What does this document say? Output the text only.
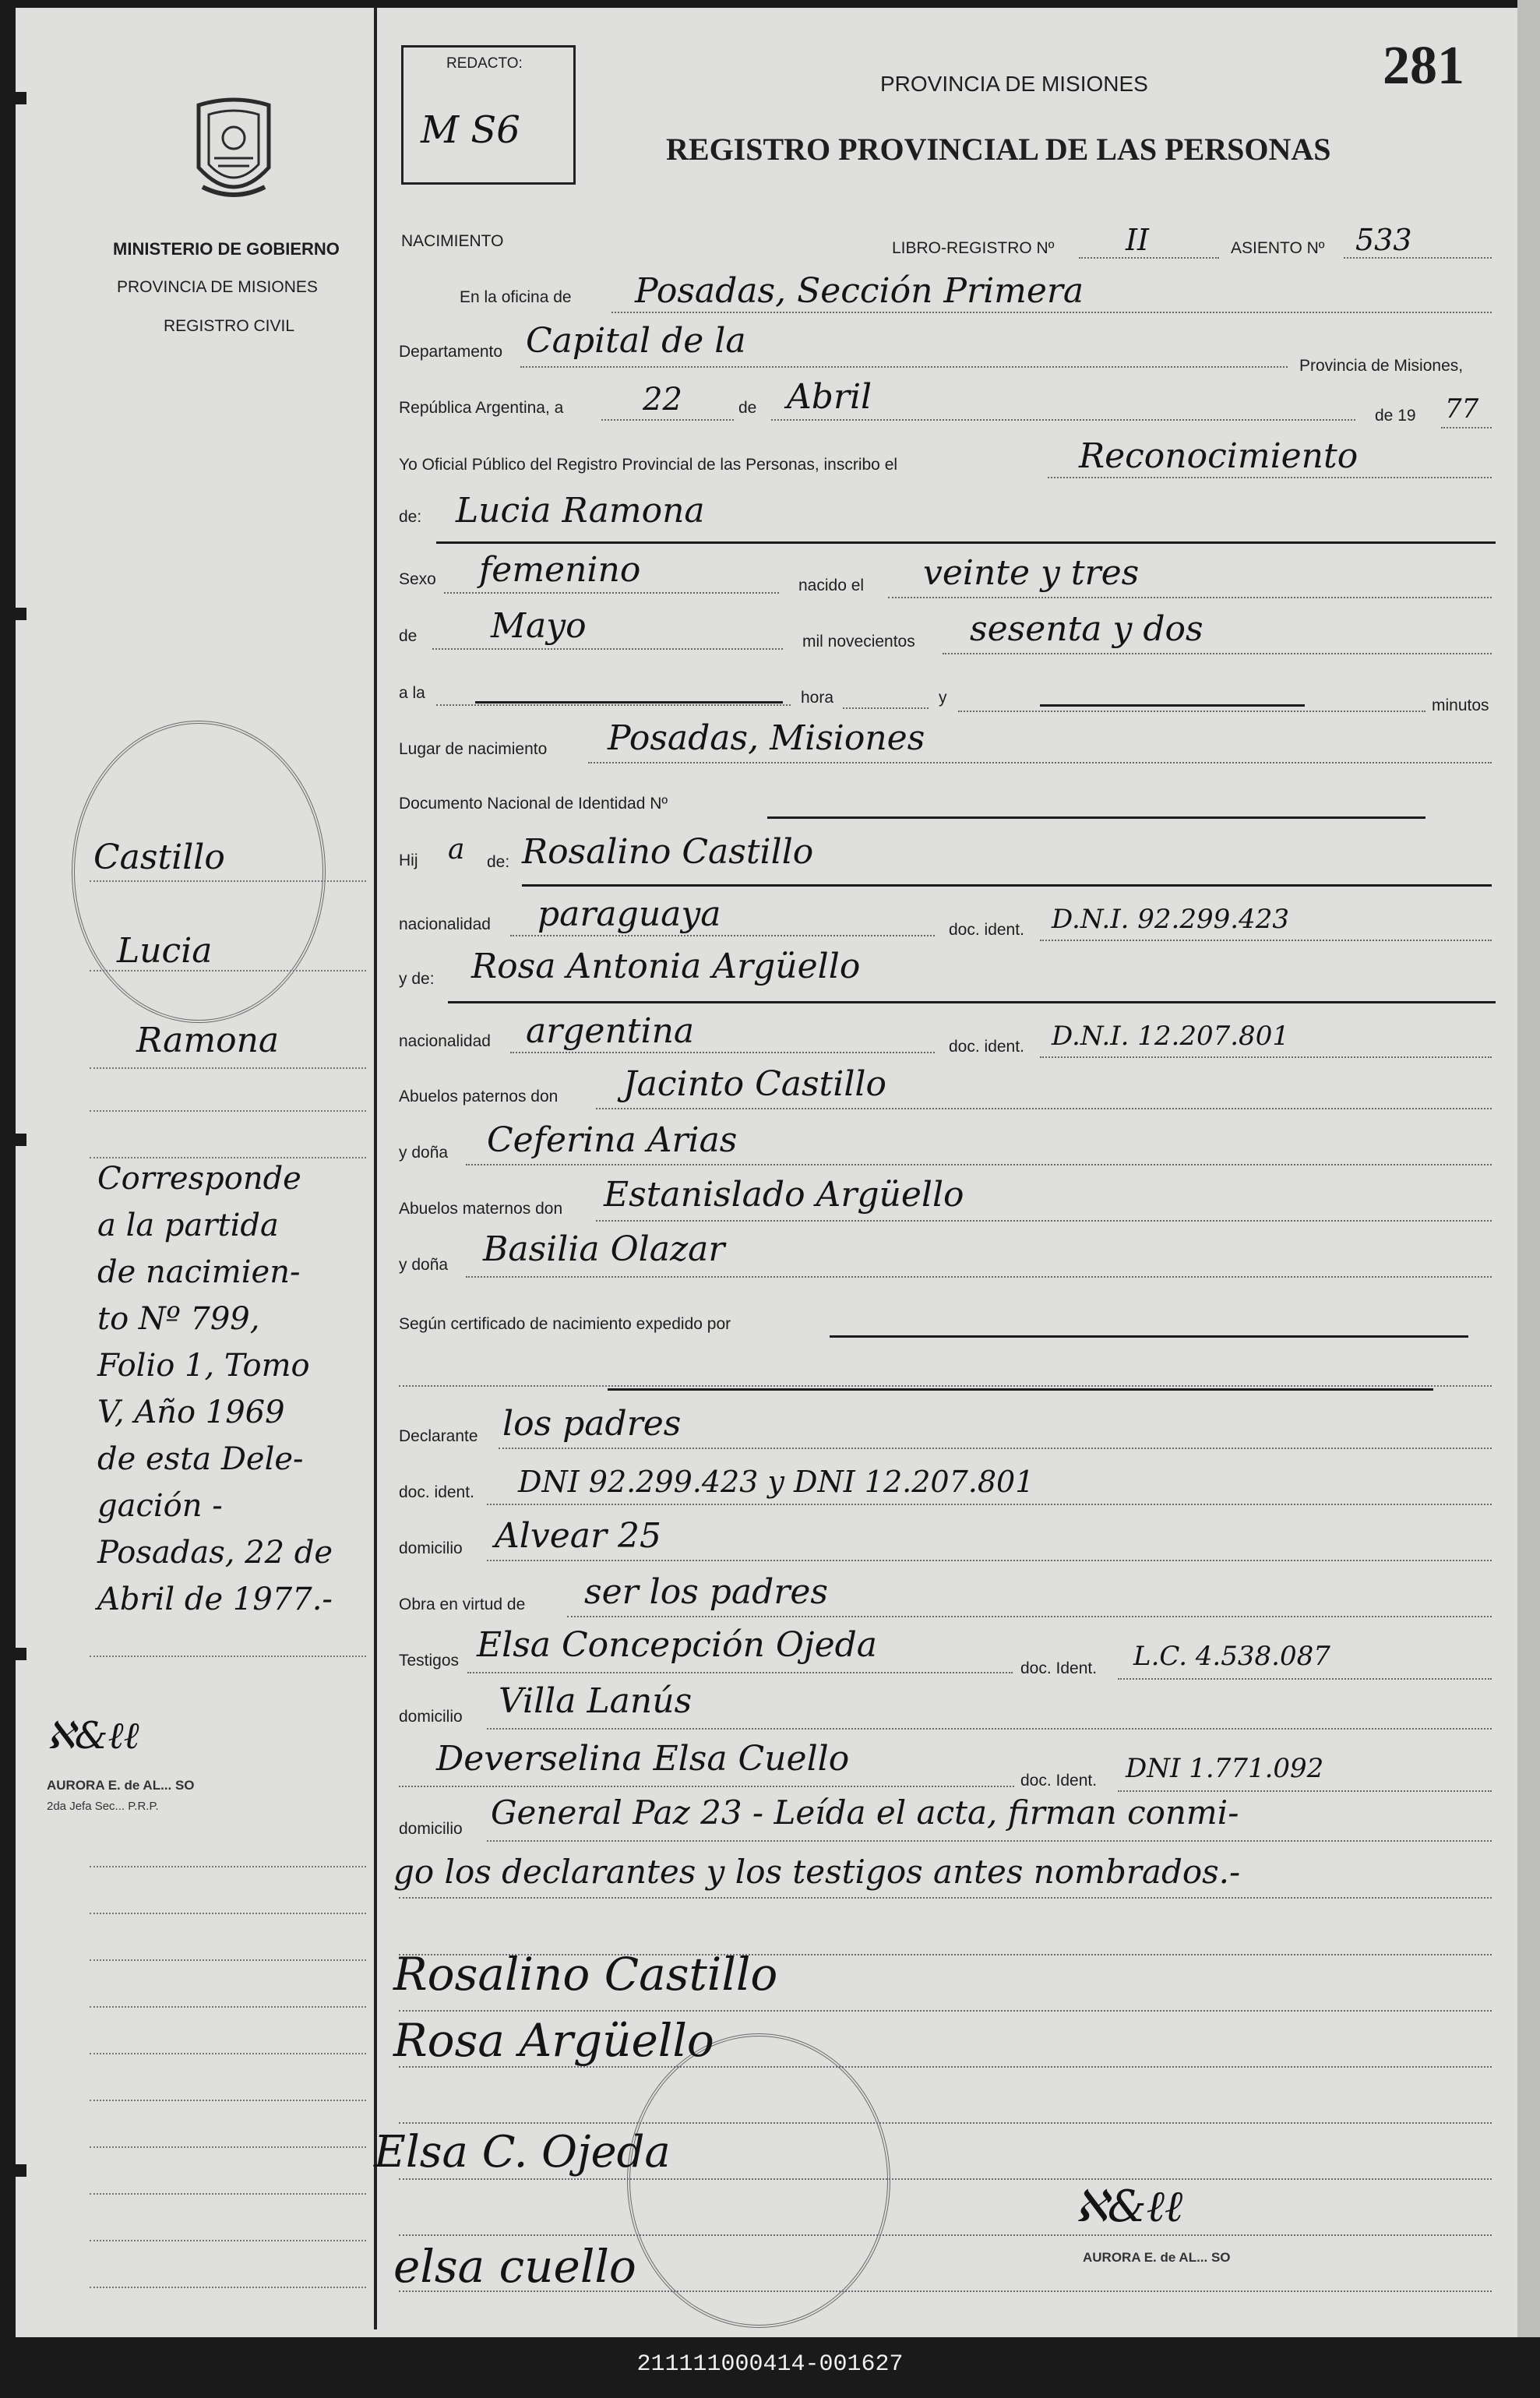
MINISTERIO DE GOBIERNO
PROVINCIA DE MISIONES
REGISTRO CIVIL
Castillo
Lucia
Ramona
Corresponde
a la partida
de nacimien-
to Nº 799,
Folio 1, Tomo
V, Año 1969
de esta Dele-
gación -
Posadas, 22 de
Abril de 1977.-
ℵ&ℓℓ
AURORA E. de AL... SO
2da Jefa Sec... P.R.P.
REDACTO:
M S6
PROVINCIA DE MISIONES
REGISTRO PROVINCIAL DE LAS PERSONAS
281
NACIMIENTO	LIBRO-REGISTRO Nº II	ASIENTO Nº 533
En la oficina de Posadas, Sección Primera
Departamento Capital de la
Provincia de Misiones,
República Argentina, a	22	de Abril	de 19 77
Yo Oficial Público del Registro Provincial de las Personas, inscribo el	Reconocimiento
de: Lucia Ramona
Sexo femenino	nacido el veinte y tres
de Mayo	mil novecientos sesenta y dos
a la	hora	y	minutos
Lugar de nacimiento Posadas, Misiones
Documento Nacional de Identidad Nº
Hij a de: Rosalino Castillo
nacionalidad paraguaya	doc. ident. D.N.I. 92.299.423
y de: Rosa Antonia Argüello
nacionalidad argentina	doc. ident. D.N.I. 12.207.801
Abuelos paternos don Jacinto Castillo
y doña Ceferina Arias
Abuelos maternos don Estanislado Argüello
y doña Basilia Olazar
Según certificado de nacimiento expedido por
Declarante los padres
doc. ident. DNI 92.299.423 y DNI 12.207.801
domicilio Alvear 25
Obra en virtud de ser los padres
Testigos Elsa Concepción Ojeda
doc. Ident. L.C. 4.538.087
domicilio Villa Lanús
Deverselina Elsa Cuello
doc. Ident. DNI 1.771.092
domicilio General Paz 23 - Leída el acta, firman conmi-
go los declarantes y los testigos antes nombrados.-
Rosalino Castillo
Rosa Argüello
Elsa C. Ojeda
elsa cuello
ℵ&ℓℓ
AURORA E. de AL... SO
211111000414-001627
